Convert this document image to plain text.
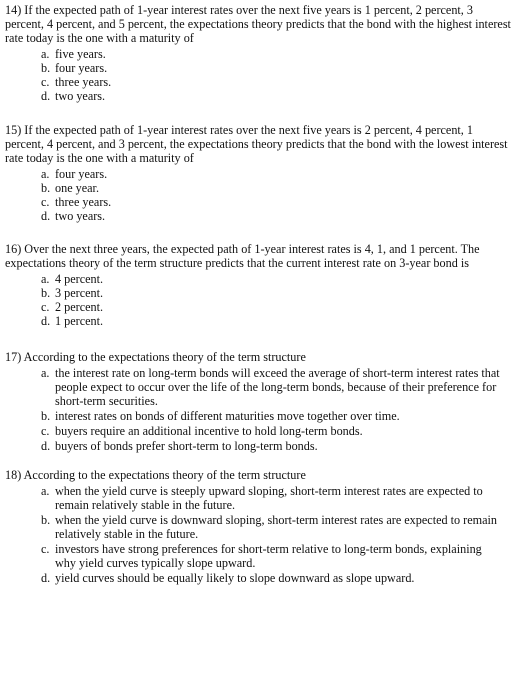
14) If the expected path of 1-year interest rates over the next five years is 1 percent, 2 percent, 3 percent, 4 percent, and 5 percent, the expectations theory predicts that the bond with the highest interest rate today is the one with a maturity of

a. five years.
b. four years.
c. three years.
d. two years.

15) If the expected path of 1-year interest rates over the next five years is 2 percent, 4 percent, 1 percent, 4 percent, and 3 percent, the expectations theory predicts that the bond with the lowest interest rate today is the one with a maturity of

a. four years.
b. one year.
c. three years.
d. two years.

16) Over the next three years, the expected path of 1-year interest rates is 4, 1, and 1 percent. The expectations theory of the term structure predicts that the current interest rate on 3-year bond is

a. 4 percent.
b. 3 percent.
c. 2 percent.
d. 1 percent.

17) According to the expectations theory of the term structure

a. the interest rate on long-term bonds will exceed the average of short-term interest rates that people expect to occur over the life of the long-term bonds, because of their preference for short-term securities.
b. interest rates on bonds of different maturities move together over time.
c. buyers require an additional incentive to hold long-term bonds.
d. buyers of bonds prefer short-term to long-term bonds.

18) According to the expectations theory of the term structure

a. when the yield curve is steeply upward sloping, short-term interest rates are expected to remain relatively stable in the future.
b. when the yield curve is downward sloping, short-term interest rates are expected to remain relatively stable in the future.
c. investors have strong preferences for short-term relative to long-term bonds, explaining why yield curves typically slope upward.
d. yield curves should be equally likely to slope downward as slope upward.
